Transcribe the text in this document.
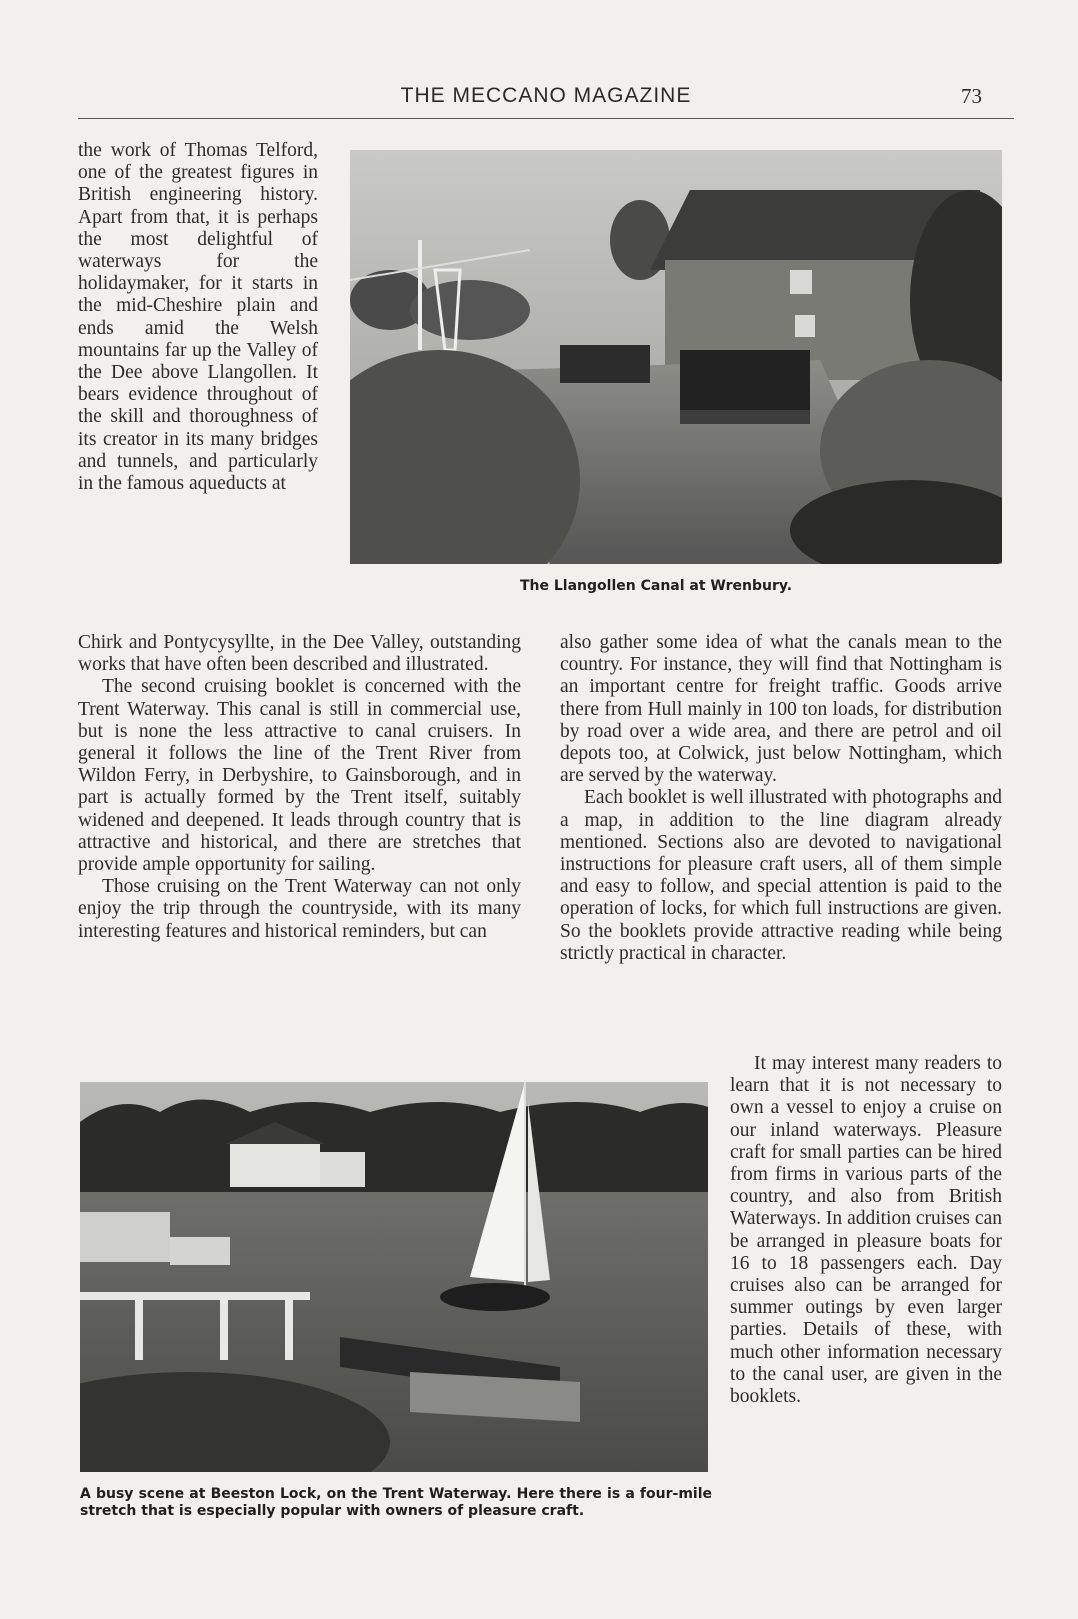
THE MECCANO MAGAZINE	73

the work of Thomas Telford, one of the greatest figures in British engineering history. Apart from that, it is perhaps the most delightful of waterways for the holidaymaker, for it starts in the mid-Cheshire plain and ends amid the Welsh mountains far up the Valley of the Dee above Llangollen. It bears evidence throughout of the skill and thoroughness of its creator in its many bridges and tunnels, and particularly in the famous aqueducts at

The Llangollen Canal at Wrenbury.

Chirk and Pontycysyllte, in the Dee Valley, outstanding works that have often been described and illustrated.

The second cruising booklet is concerned with the Trent Waterway. This canal is still in commercial use, but is none the less attractive to canal cruisers. In general it follows the line of the Trent River from Wildon Ferry, in Derbyshire, to Gainsborough, and in part is actually formed by the Trent itself, suitably widened and deepened. It leads through country that is attractive and historical, and there are stretches that provide ample opportunity for sailing.

Those cruising on the Trent Waterway can not only enjoy the trip through the countryside, with its many interesting features and historical reminders, but can

also gather some idea of what the canals mean to the country. For instance, they will find that Nottingham is an important centre for freight traffic. Goods arrive there from Hull mainly in 100 ton loads, for distribution by road over a wide area, and there are petrol and oil depots too, at Colwick, just below Nottingham, which are served by the waterway.

Each booklet is well illustrated with photographs and a map, in addition to the line diagram already mentioned. Sections also are devoted to navigational instructions for pleasure craft users, all of them simple and easy to follow, and special attention is paid to the operation of locks, for which full instructions are given. So the booklets provide attractive reading while being strictly practical in character.

A busy scene at Beeston Lock, on the Trent Waterway. Here there is a four-mile stretch that is especially popular with owners of pleasure craft.

It may interest many readers to learn that it is not necessary to own a vessel to enjoy a cruise on our inland waterways. Pleasure craft for small parties can be hired from firms in various parts of the country, and also from British Waterways. In addition cruises can be arranged in pleasure boats for 16 to 18 passengers each. Day cruises also can be arranged for summer outings by even larger parties. Details of these, with much other information necessary to the canal user, are given in the booklets.
